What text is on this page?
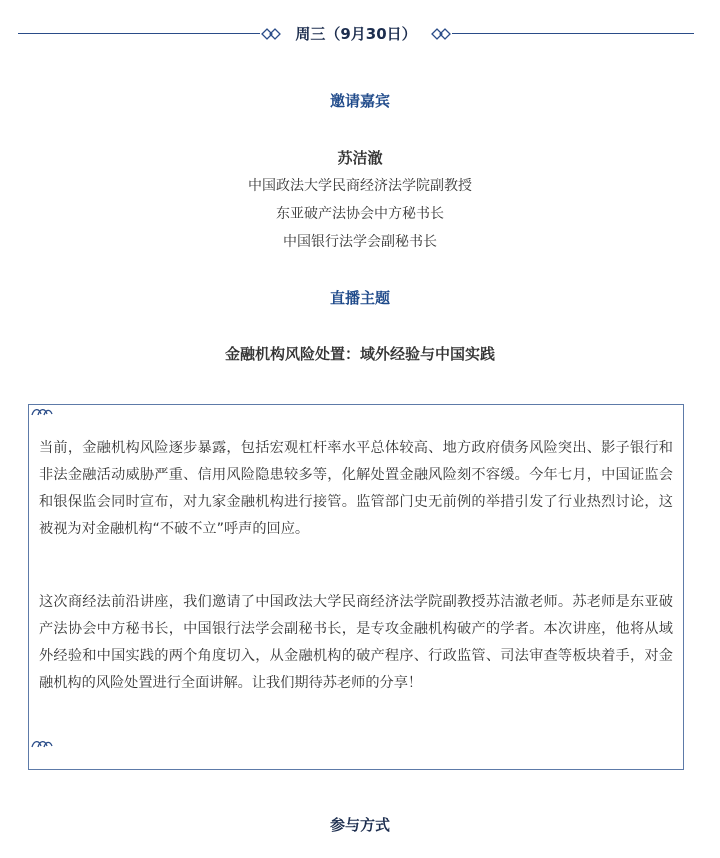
周三（9月30日）
邀请嘉宾
苏洁澈
中国政法大学民商经济法学院副教授
东亚破产法协会中方秘书长
中国银行法学会副秘书长
直播主题
金融机构风险处置：域外经验与中国实践
当前，金融机构风险逐步暴露，包括宏观杠杆率水平总体较高、地方政府债务风险突出、影子银行和非法金融活动威胁严重、信用风险隐患较多等，化解处置金融风险刻不容缓。今年七月，中国证监会和银保监会同时宣布，对九家金融机构进行接管。监管部门史无前例的举措引发了行业热烈讨论，这被视为对金融机构“不破不立”呼声的回应。
这次商经法前沿讲座，我们邀请了中国政法大学民商经济法学院副教授苏洁澈老师。苏老师是东亚破产法协会中方秘书长，中国银行法学会副秘书长，是专攻金融机构破产的学者。本次讲座，他将从域外经验和中国实践的两个角度切入，从金融机构的破产程序、行政监管、司法审查等板块着手，对金融机构的风险处置进行全面讲解。让我们期待苏老师的分享！
参与方式
